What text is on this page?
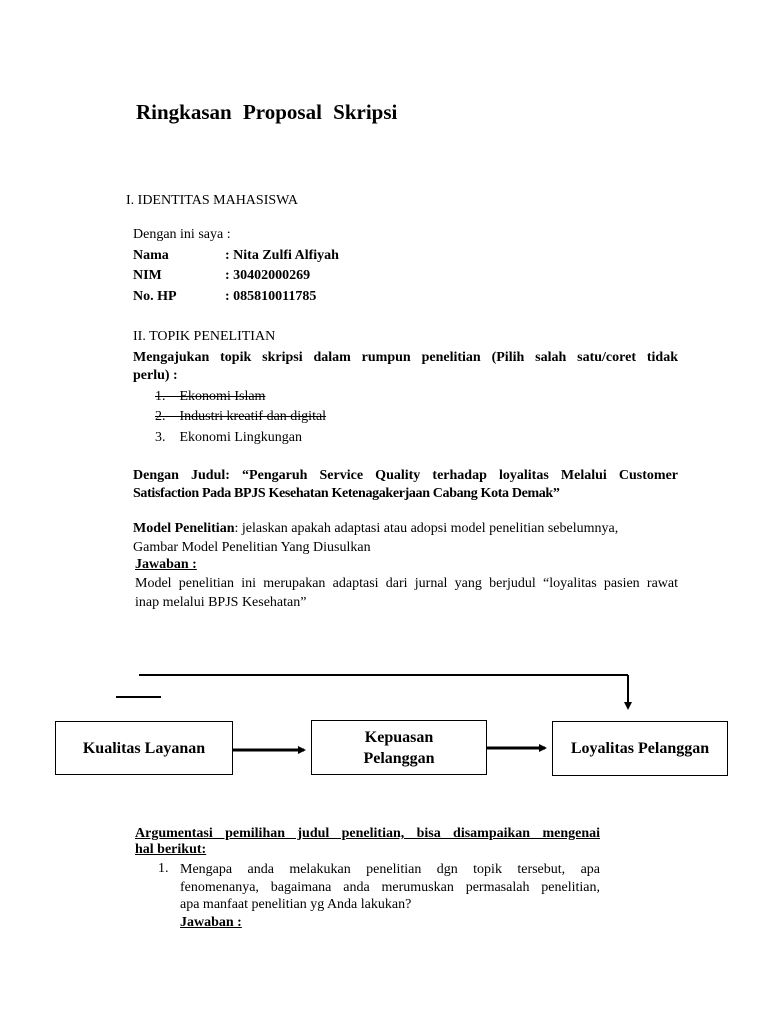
Ringkasan Proposal Skripsi
I. IDENTITAS MAHASISWA
Dengan ini saya :
Nama	: Nita Zulfi Alfiyah
NIM	: 30402000269
No. HP	: 085810011785
II. TOPIK PENELITIAN
Mengajukan topik skripsi dalam rumpun penelitian (Pilih salah satu/coret tidak
perlu) :
1. Ekonomi Islam
2. Industri kreatif dan digital
3. Ekonomi Lingkungan
Dengan Judul: “Pengaruh Service Quality terhadap loyalitas Melalui Customer
Satisfaction Pada BPJS Kesehatan Ketenagakerjaan Cabang Kota Demak”
Model Penelitian: jelaskan apakah adaptasi atau adopsi model penelitian sebelumnya,
Gambar Model Penelitian Yang Diusulkan
Jawaban :
Model penelitian ini merupakan adaptasi dari jurnal yang berjudul “loyalitas pasien rawat
inap melalui BPJS Kesehatan”
Kualitas Layanan
Kepuasan
Pelanggan
Loyalitas Pelanggan
Argumentasi pemilihan judul penelitian, bisa disampaikan mengenai
hal berikut:
1. Mengapa anda melakukan penelitian dgn topik tersebut, apa
fenomenanya, bagaimana anda merumuskan permasalah penelitian,
apa manfaat penelitian yg Anda lakukan?
Jawaban :
